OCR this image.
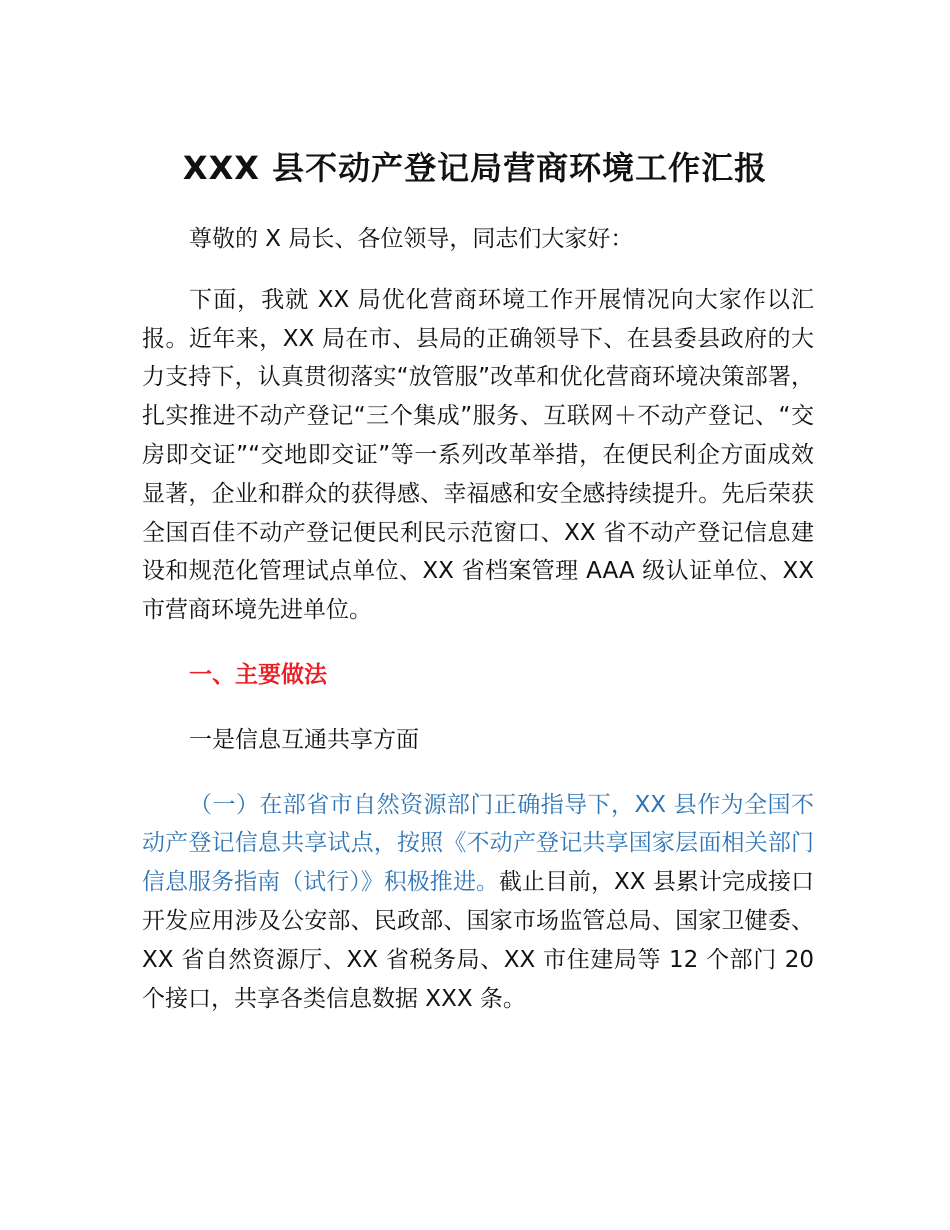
XXX 县不动产登记局营商环境工作汇报

尊敬的 X 局长、各位领导，同志们大家好：

下面，我就 XX 局优化营商环境工作开展情况向大家作以汇报。近年来，XX 局在市、县局的正确领导下、在县委县政府的大力支持下，认真贯彻落实“放管服”改革和优化营商环境决策部署，扎实推进不动产登记“三个集成”服务、互联网＋不动产登记、“交房即交证”“交地即交证”等一系列改革举措，在便民利企方面成效显著，企业和群众的获得感、幸福感和安全感持续提升。先后荣获全国百佳不动产登记便民利民示范窗口、XX 省不动产登记信息建设和规范化管理试点单位、XX 省档案管理 AAA 级认证单位、XX 市营商环境先进单位。

一、主要做法

一是信息互通共享方面

（一）在部省市自然资源部门正确指导下，XX 县作为全国不动产登记信息共享试点，按照《不动产登记共享国家层面相关部门信息服务指南（试行）》积极推进。截止目前，XX 县累计完成接口开发应用涉及公安部、民政部、国家市场监管总局、国家卫健委、XX 省自然资源厅、XX 省税务局、XX 市住建局等 12 个部门 20 个接口，共享各类信息数据 XXX 条。
